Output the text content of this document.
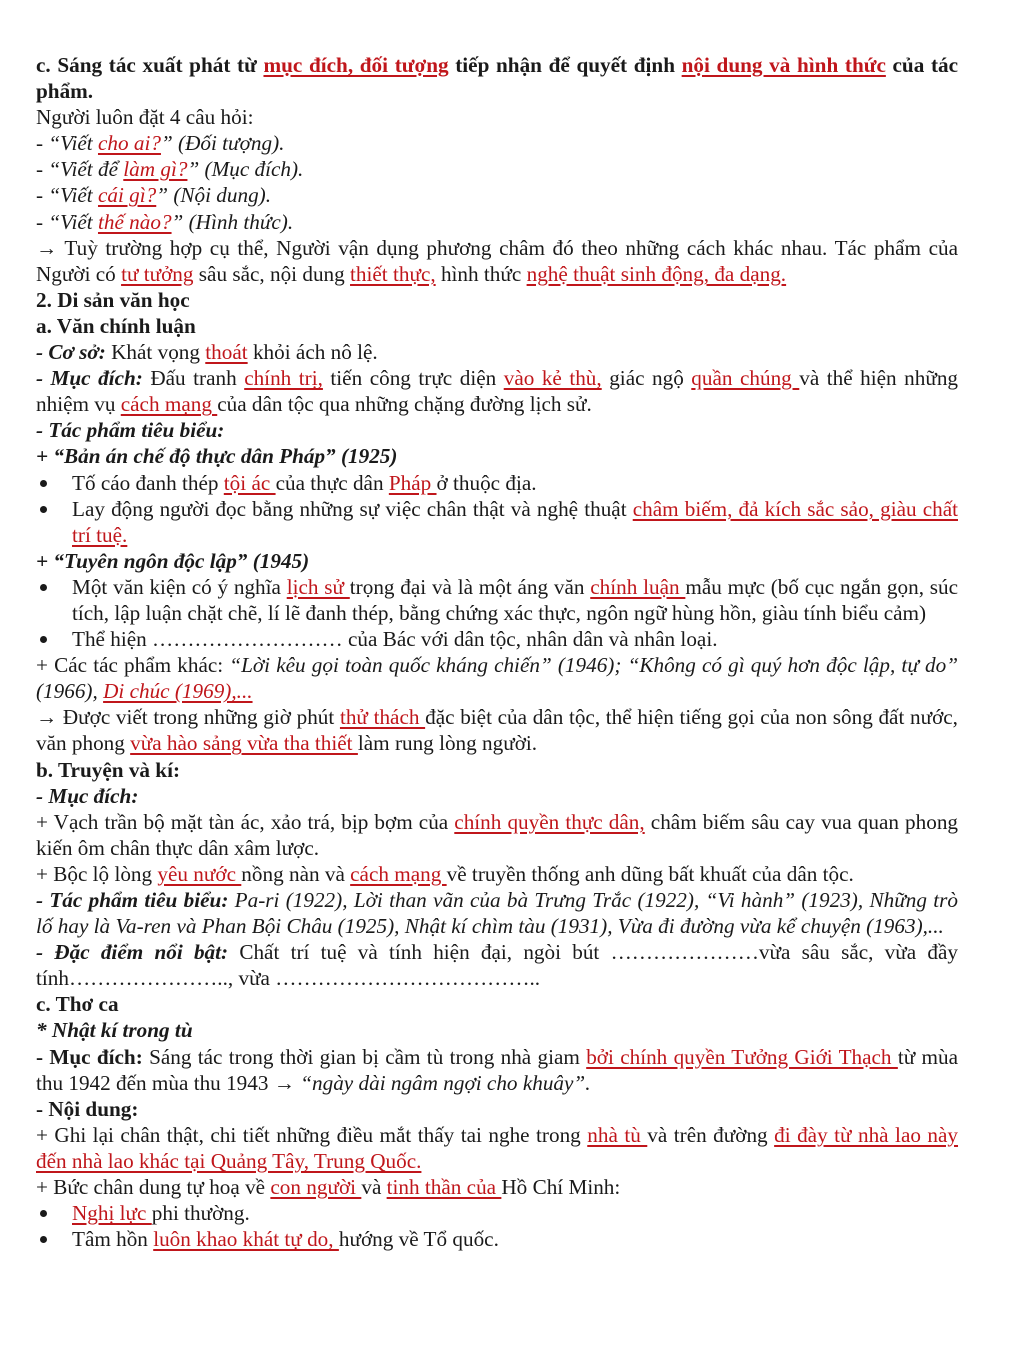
c. Sáng tác xuất phát từ mục đích, đối tượng tiếp nhận để quyết định nội dung và hình thức của tác phẩm.

Người luôn đặt 4 câu hỏi:

- “Viết cho ai?” (Đối tượng).

- “Viết để làm gì?” (Mục đích).

- “Viết cái gì?” (Nội dung).

- “Viết thế nào?” (Hình thức).

→ Tuỳ trường hợp cụ thể, Người vận dụng phương châm đó theo những cách khác nhau. Tác phẩm của Người có tư tưởng sâu sắc, nội dung thiết thực, hình thức nghệ thuật sinh động, đa dạng.

2. Di sản văn học

a. Văn chính luận

- Cơ sở: Khát vọng thoát khỏi ách nô lệ.

- Mục đích: Đấu tranh chính trị, tiến công trực diện vào kẻ thù, giác ngộ quần chúng và thể hiện những nhiệm vụ cách mạng của dân tộc qua những chặng đường lịch sử.

- Tác phẩm tiêu biểu:

+ “Bản án chế độ thực dân Pháp” (1925)

Tố cáo đanh thép tội ác của thực dân Pháp ở thuộc địa.
Lay động người đọc bằng những sự việc chân thật và nghệ thuật châm biếm, đả kích sắc sảo, giàu chất trí tuệ.

+ “Tuyên ngôn độc lập” (1945)

Một văn kiện có ý nghĩa lịch sử trọng đại và là một áng văn chính luận mẫu mực (bố cục ngắn gọn, súc tích, lập luận chặt chẽ, lí lẽ đanh thép, bằng chứng xác thực, ngôn ngữ hùng hồn, giàu tính biểu cảm)
Thể hiện ……………………… của Bác với dân tộc, nhân dân và nhân loại.

+ Các tác phẩm khác: “Lời kêu gọi toàn quốc kháng chiến” (1946); “Không có gì quý hơn độc lập, tự do” (1966), Di chúc (1969),...

→ Được viết trong những giờ phút thử thách đặc biệt của dân tộc, thể hiện tiếng gọi của non sông đất nước, văn phong vừa hào sảng vừa tha thiết làm rung lòng người.

b. Truyện và kí:

- Mục đích:

+ Vạch trần bộ mặt tàn ác, xảo trá, bịp bợm của chính quyền thực dân, châm biếm sâu cay vua quan phong kiến ôm chân thực dân xâm lược.

+ Bộc lộ lòng yêu nước nồng nàn và cách mạng về truyền thống anh dũng bất khuất của dân tộc.

- Tác phẩm tiêu biểu: Pa-ri (1922), Lời than vãn của bà Trưng Trắc (1922), “Vi hành” (1923), Những trò lố hay là Va-ren và Phan Bội Châu (1925), Nhật kí chìm tàu (1931), Vừa đi đường vừa kể chuyện (1963),...

- Đặc điểm nổi bật: Chất trí tuệ và tính hiện đại, ngòi bút …………………vừa sâu sắc, vừa đầy tính………………….., vừa ………………………………..

c. Thơ ca

* Nhật kí trong tù

- Mục đích: Sáng tác trong thời gian bị cầm tù trong nhà giam bởi chính quyền Tưởng Giới Thạch từ mùa thu 1942 đến mùa thu 1943 → “ngày dài ngâm ngợi cho khuây”.

- Nội dung:

+ Ghi lại chân thật, chi tiết những điều mắt thấy tai nghe trong nhà tù và trên đường đi đày từ nhà lao này đến nhà lao khác tại Quảng Tây, Trung Quốc.

+ Bức chân dung tự hoạ về con người và tinh thần của Hồ Chí Minh:

Nghị lực phi thường.
Tâm hồn luôn khao khát tự do, hướng về Tổ quốc.
